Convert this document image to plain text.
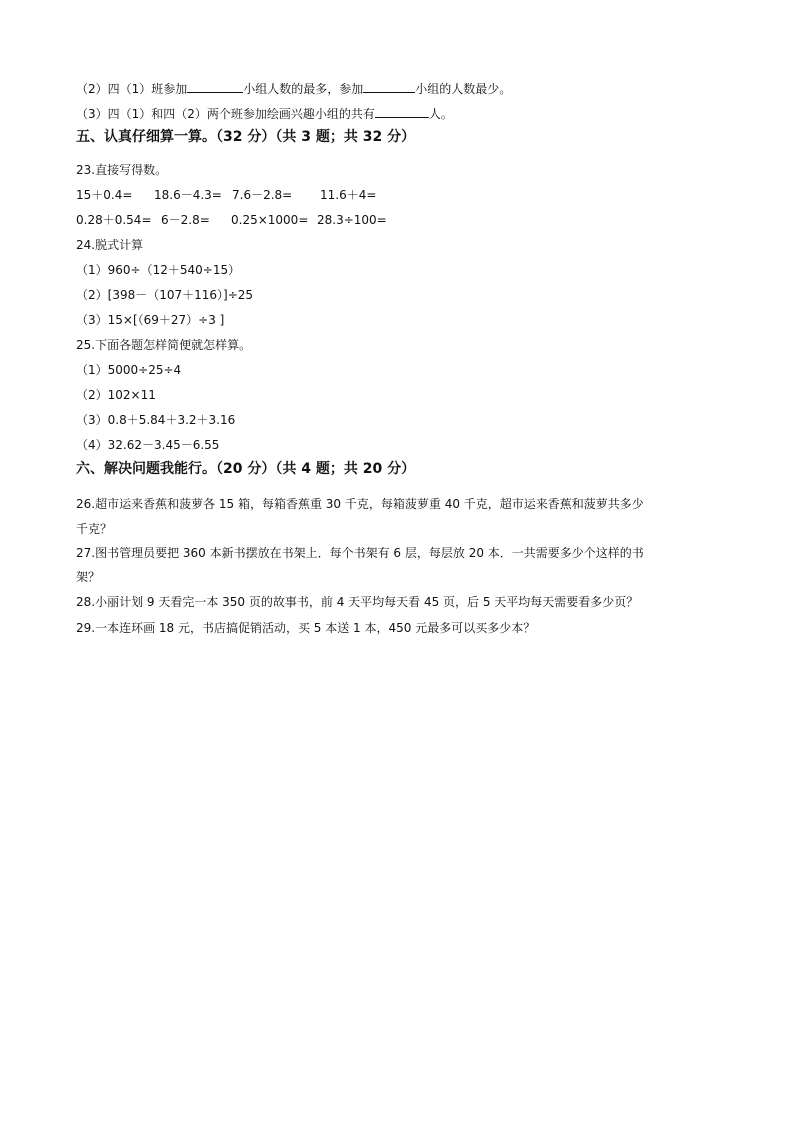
（2）四（1）班参加	小组人数的最多，参加	小组的人数最少。
（3）四（1）和四（2）两个班参加绘画兴趣小组的共有	人。
五、认真仔细算一算。（32 分）（共 3 题；共 32 分）
23.直接写得数。
15＋0.4= 18.6－4.3= 7.6－2.8= 11.6＋4=
0.28＋0.54= 6－2.8= 0.25×1000= 28.3÷100=
24.脱式计算
（1）960÷（12＋540÷15）
（2）[398－（107＋116）]÷25
（3）15×[（69＋27）÷3 ]
25.下面各题怎样简便就怎样算。
（1）5000÷25÷4
（2）102×11
（3）0.8＋5.84＋3.2＋3.16
（4）32.62－3.45－6.55
六、解决问题我能行。（20 分）（共 4 题；共 20 分）
26.超市运来香蕉和菠萝各 15 箱，每箱香蕉重 30 千克，每箱菠萝重 40 千克，超市运来香蕉和菠萝共多少
千克？
27.图书管理员要把 360 本新书摆放在书架上．每个书架有 6 层，每层放 20 本．一共需要多少个这样的书
架？
28.小丽计划 9 天看完一本 350 页的故事书，前 4 天平均每天看 45 页，后 5 天平均每天需要看多少页？
29.一本连环画 18 元，书店搞促销活动，买 5 本送 1 本，450 元最多可以买多少本？
